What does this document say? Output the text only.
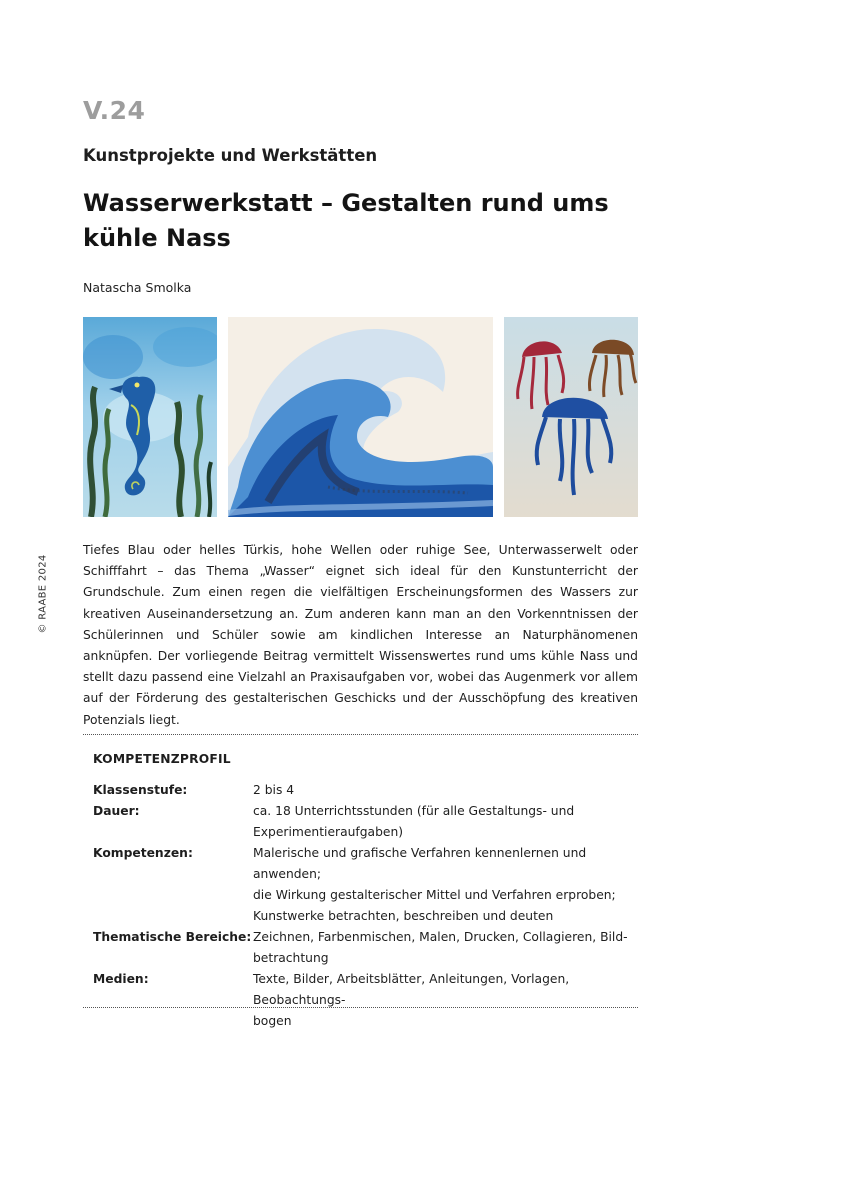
© RAABE 2024
V.24
Kunstprojekte und Werkstätten
Wasserwerkstatt – Gestalten rund ums kühle Nass
Natascha Smolka
Tiefes Blau oder helles Türkis, hohe Wellen oder ruhige See, Unterwasserwelt oder Schifffahrt – das Thema „Wasser“ eignet sich ideal für den Kunstunterricht der Grundschule. Zum einen regen die vielfältigen Erscheinungsformen des Wassers zur kreativen Auseinandersetzung an. Zum anderen kann man an den Vorkenntnissen der Schülerinnen und Schüler sowie am kindlichen Interesse an Naturphänomenen anknüpfen. Der vorliegende Beitrag vermittelt Wissenswertes rund ums kühle Nass und stellt dazu passend eine Vielzahl an Praxisaufgaben vor, wobei das Augenmerk vor allem auf der Förderung des gestalterischen Geschicks und der Ausschöpfung des kreativen Potenzials liegt.
KOMPETENZPROFIL
Klassenstufe:	2 bis 4
Dauer:	ca. 18 Unterrichtsstunden (für alle Gestaltungs- und
Experimentieraufgaben)
Kompetenzen:	Malerische und grafische Verfahren kennenlernen und anwenden;
die Wirkung gestalterischer Mittel und Verfahren erproben;
Kunstwerke betrachten, beschreiben und deuten
Thematische Bereiche: Zeichnen, Farbenmischen, Malen, Drucken, Collagieren, Bild-
betrachtung
Medien:	Texte, Bilder, Arbeitsblätter, Anleitungen, Vorlagen, Beobachtungs-
bogen
